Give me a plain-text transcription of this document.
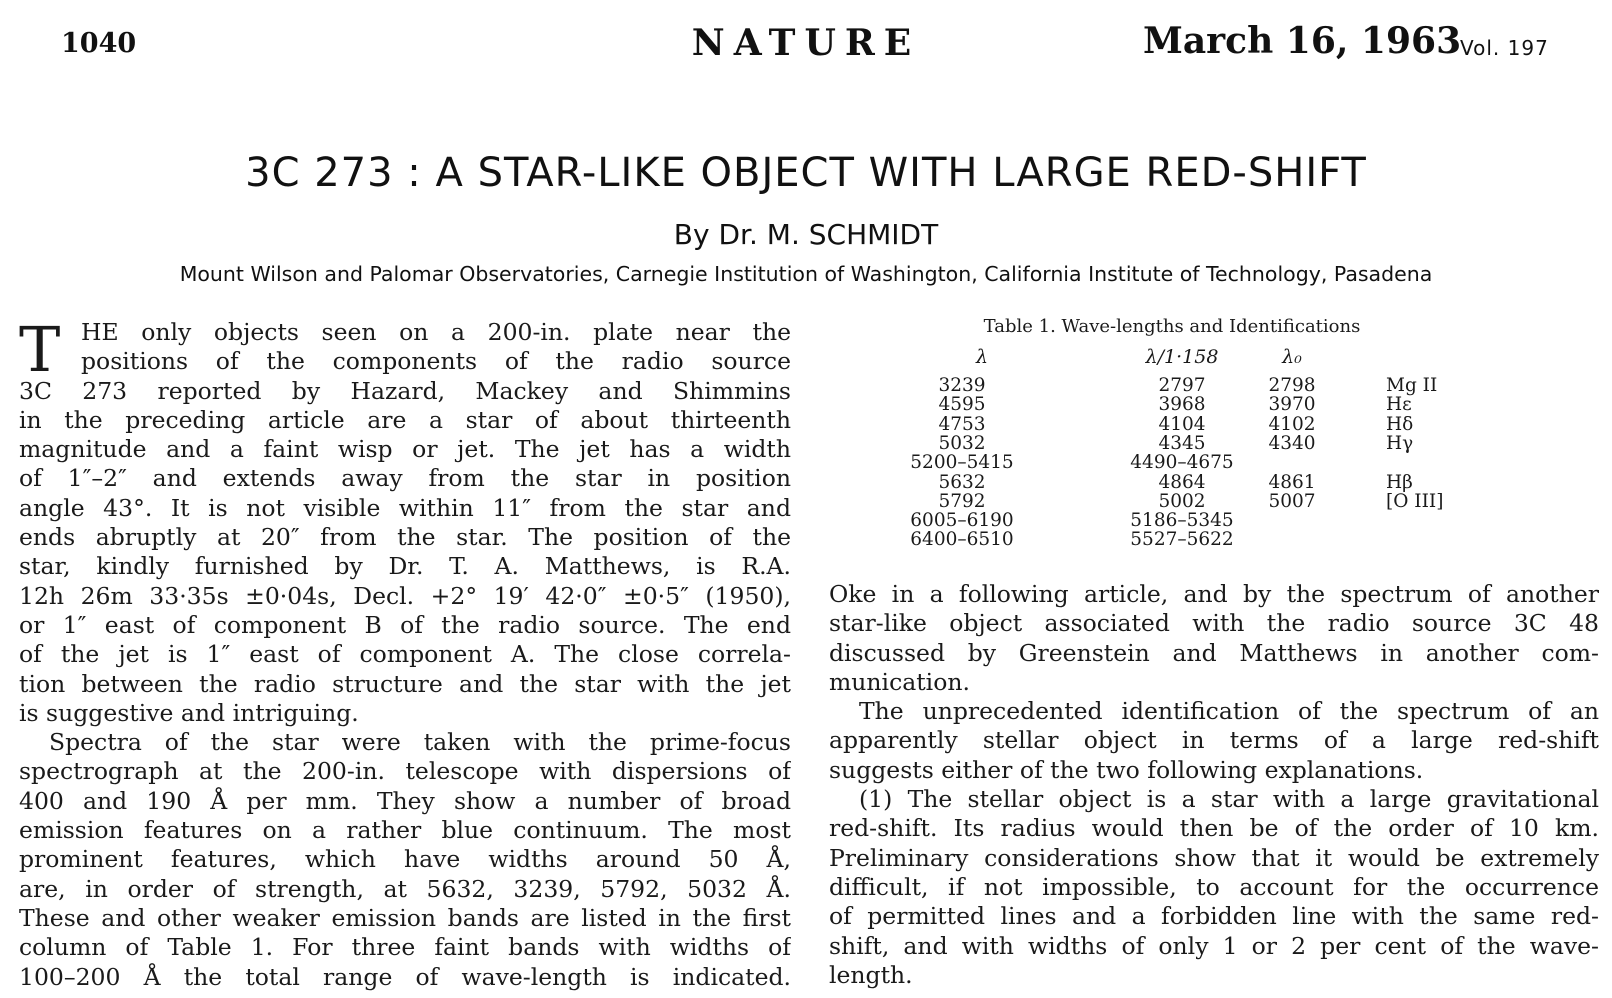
1040	NATURE	March 16, 1963
Vol. 197
3C 273 : A STAR-LIKE OBJECT WITH LARGE RED-SHIFT
By Dr. M. SCHMIDT
Mount Wilson and Palomar Observatories, Carnegie Institution of Washington, California Institute of Technology, Pasadena
T HE only objects seen on a 200-in. plate near the
positions of the components of the radio source
3C 273 reported by Hazard, Mackey and Shimmins
in the preceding article are a star of about thirteenth
magnitude and a faint wisp or jet. The jet has a width
of 1″–2″ and extends away from the star in position
angle 43°. It is not visible within 11″ from the star and
ends abruptly at 20″ from the star. The position of the
star, kindly furnished by Dr. T. A. Matthews, is R.A.
12h 26m 33·35s ±0·04s, Decl. +2° 19′ 42·0″ ±0·5″ (1950),
or 1″ east of component B of the radio source. The end
of the jet is 1″ east of component A. The close correla-
tion between the radio structure and the star with the jet
is suggestive and intriguing.
Spectra of the star were taken with the prime-focus
spectrograph at the 200-in. telescope with dispersions of
400 and 190 Å per mm. They show a number of broad
emission features on a rather blue continuum. The most
prominent features, which have widths around 50 Å,
are, in order of strength, at 5632, 3239, 5792, 5032 Å.
These and other weaker emission bands are listed in the first
column of Table 1. For three faint bands with widths of
100–200 Å the total range of wave-length is indicated.
Table 1. Wave-lengths and Identifications
λ	λ/1·158	λ₀
3239	2797	2798	Mg II
4595	3968	3970	Hε
4753	4104	4102	Hδ
5032	4345	4340	Hγ
5200–5415	4490–4675
5632	4864	4861	Hβ
5792	5002	5007	[O III]
6005–6190	5186–5345
6400–6510	5527–5622
Oke in a following article, and by the spectrum of another
star-like object associated with the radio source 3C 48
discussed by Greenstein and Matthews in another com-
munication.
The unprecedented identification of the spectrum of an
apparently stellar object in terms of a large red-shift
suggests either of the two following explanations.
(1) The stellar object is a star with a large gravitational
red-shift. Its radius would then be of the order of 10 km.
Preliminary considerations show that it would be extremely
difficult, if not impossible, to account for the occurrence
of permitted lines and a forbidden line with the same red-
shift, and with widths of only 1 or 2 per cent of the wave-
length.
